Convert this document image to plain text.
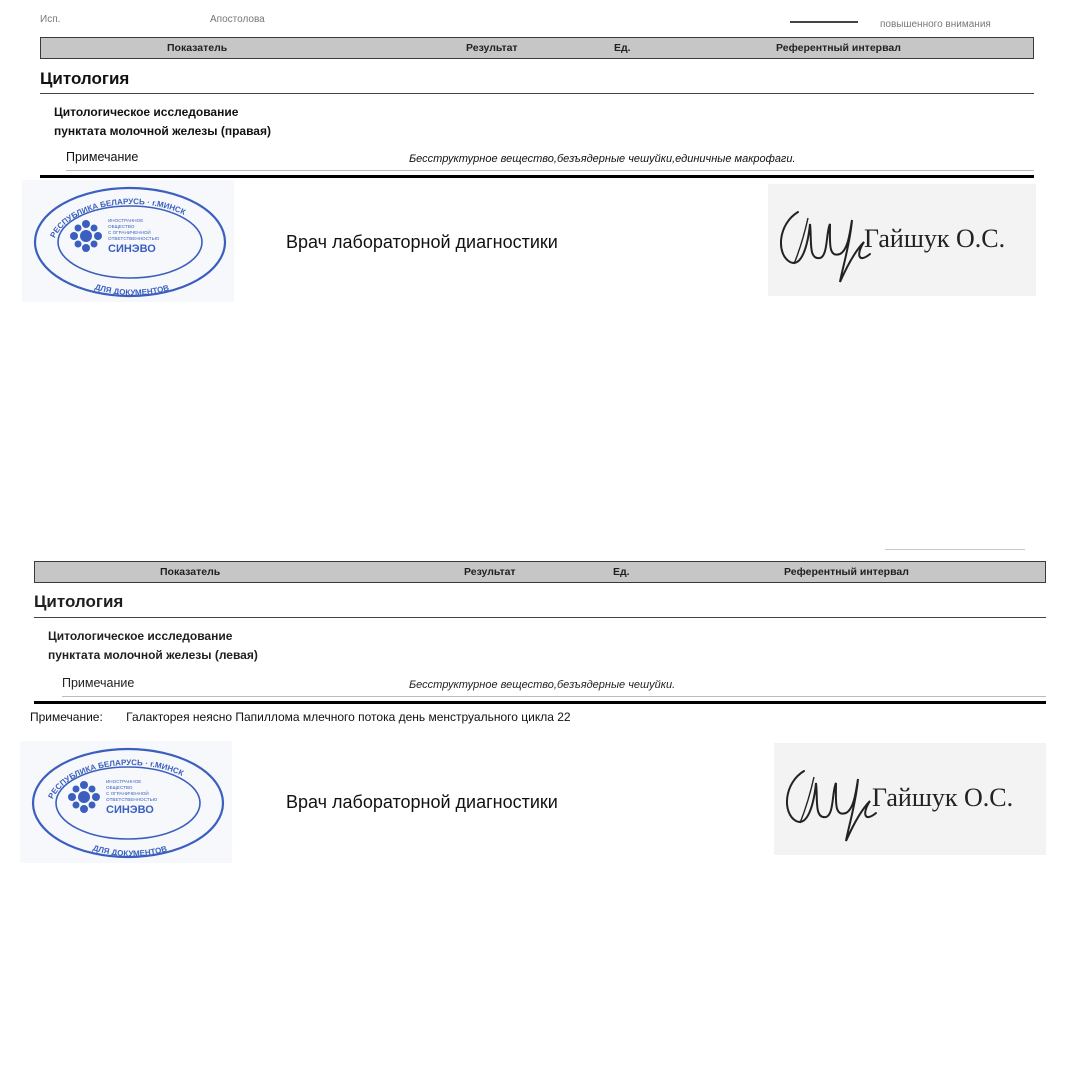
Исп.	Апостолова	повышенного внимания
Показатель	Результат	Ед.	Референтный интервал
Цитология
Цитологическое исследование
пунктата молочной железы (правая)
Примечание	Бесструктурное вещество,безъядерные чешуйки,единичные макрофаги.
РЕСПУБЛИКА БЕЛАРУСЬ · г.МИНСК
ДЛЯ ДОКУМЕНТОВ
ИНОСТРАННОЕ
ОБЩЕСТВО
С ОГРАНИЧЕННОЙ
ОТВЕТСТВЕННОСТЬЮ
СИНЭВО	Врач лабораторной диагностики	Гайшук О.С.
Показатель	Результат	Ед.	Референтный интервал
Цитология
Цитологическое исследование
пунктата молочной железы (левая)
Примечание	Бесструктурное вещество,безъядерные чешуйки.
Примечание: Галакторея неясно Папиллома млечного потока день менструального цикла 22
РЕСПУБЛИКА БЕЛАРУСЬ · г.МИНСК
ДЛЯ ДОКУМЕНТОВ
ИНОСТРАННОЕ
ОБЩЕСТВО
С ОГРАНИЧЕННОЙ
ОТВЕТСТВЕННОСТЬЮ
СИНЭВО	Врач лабораторной диагностики	Гайшук О.С.
